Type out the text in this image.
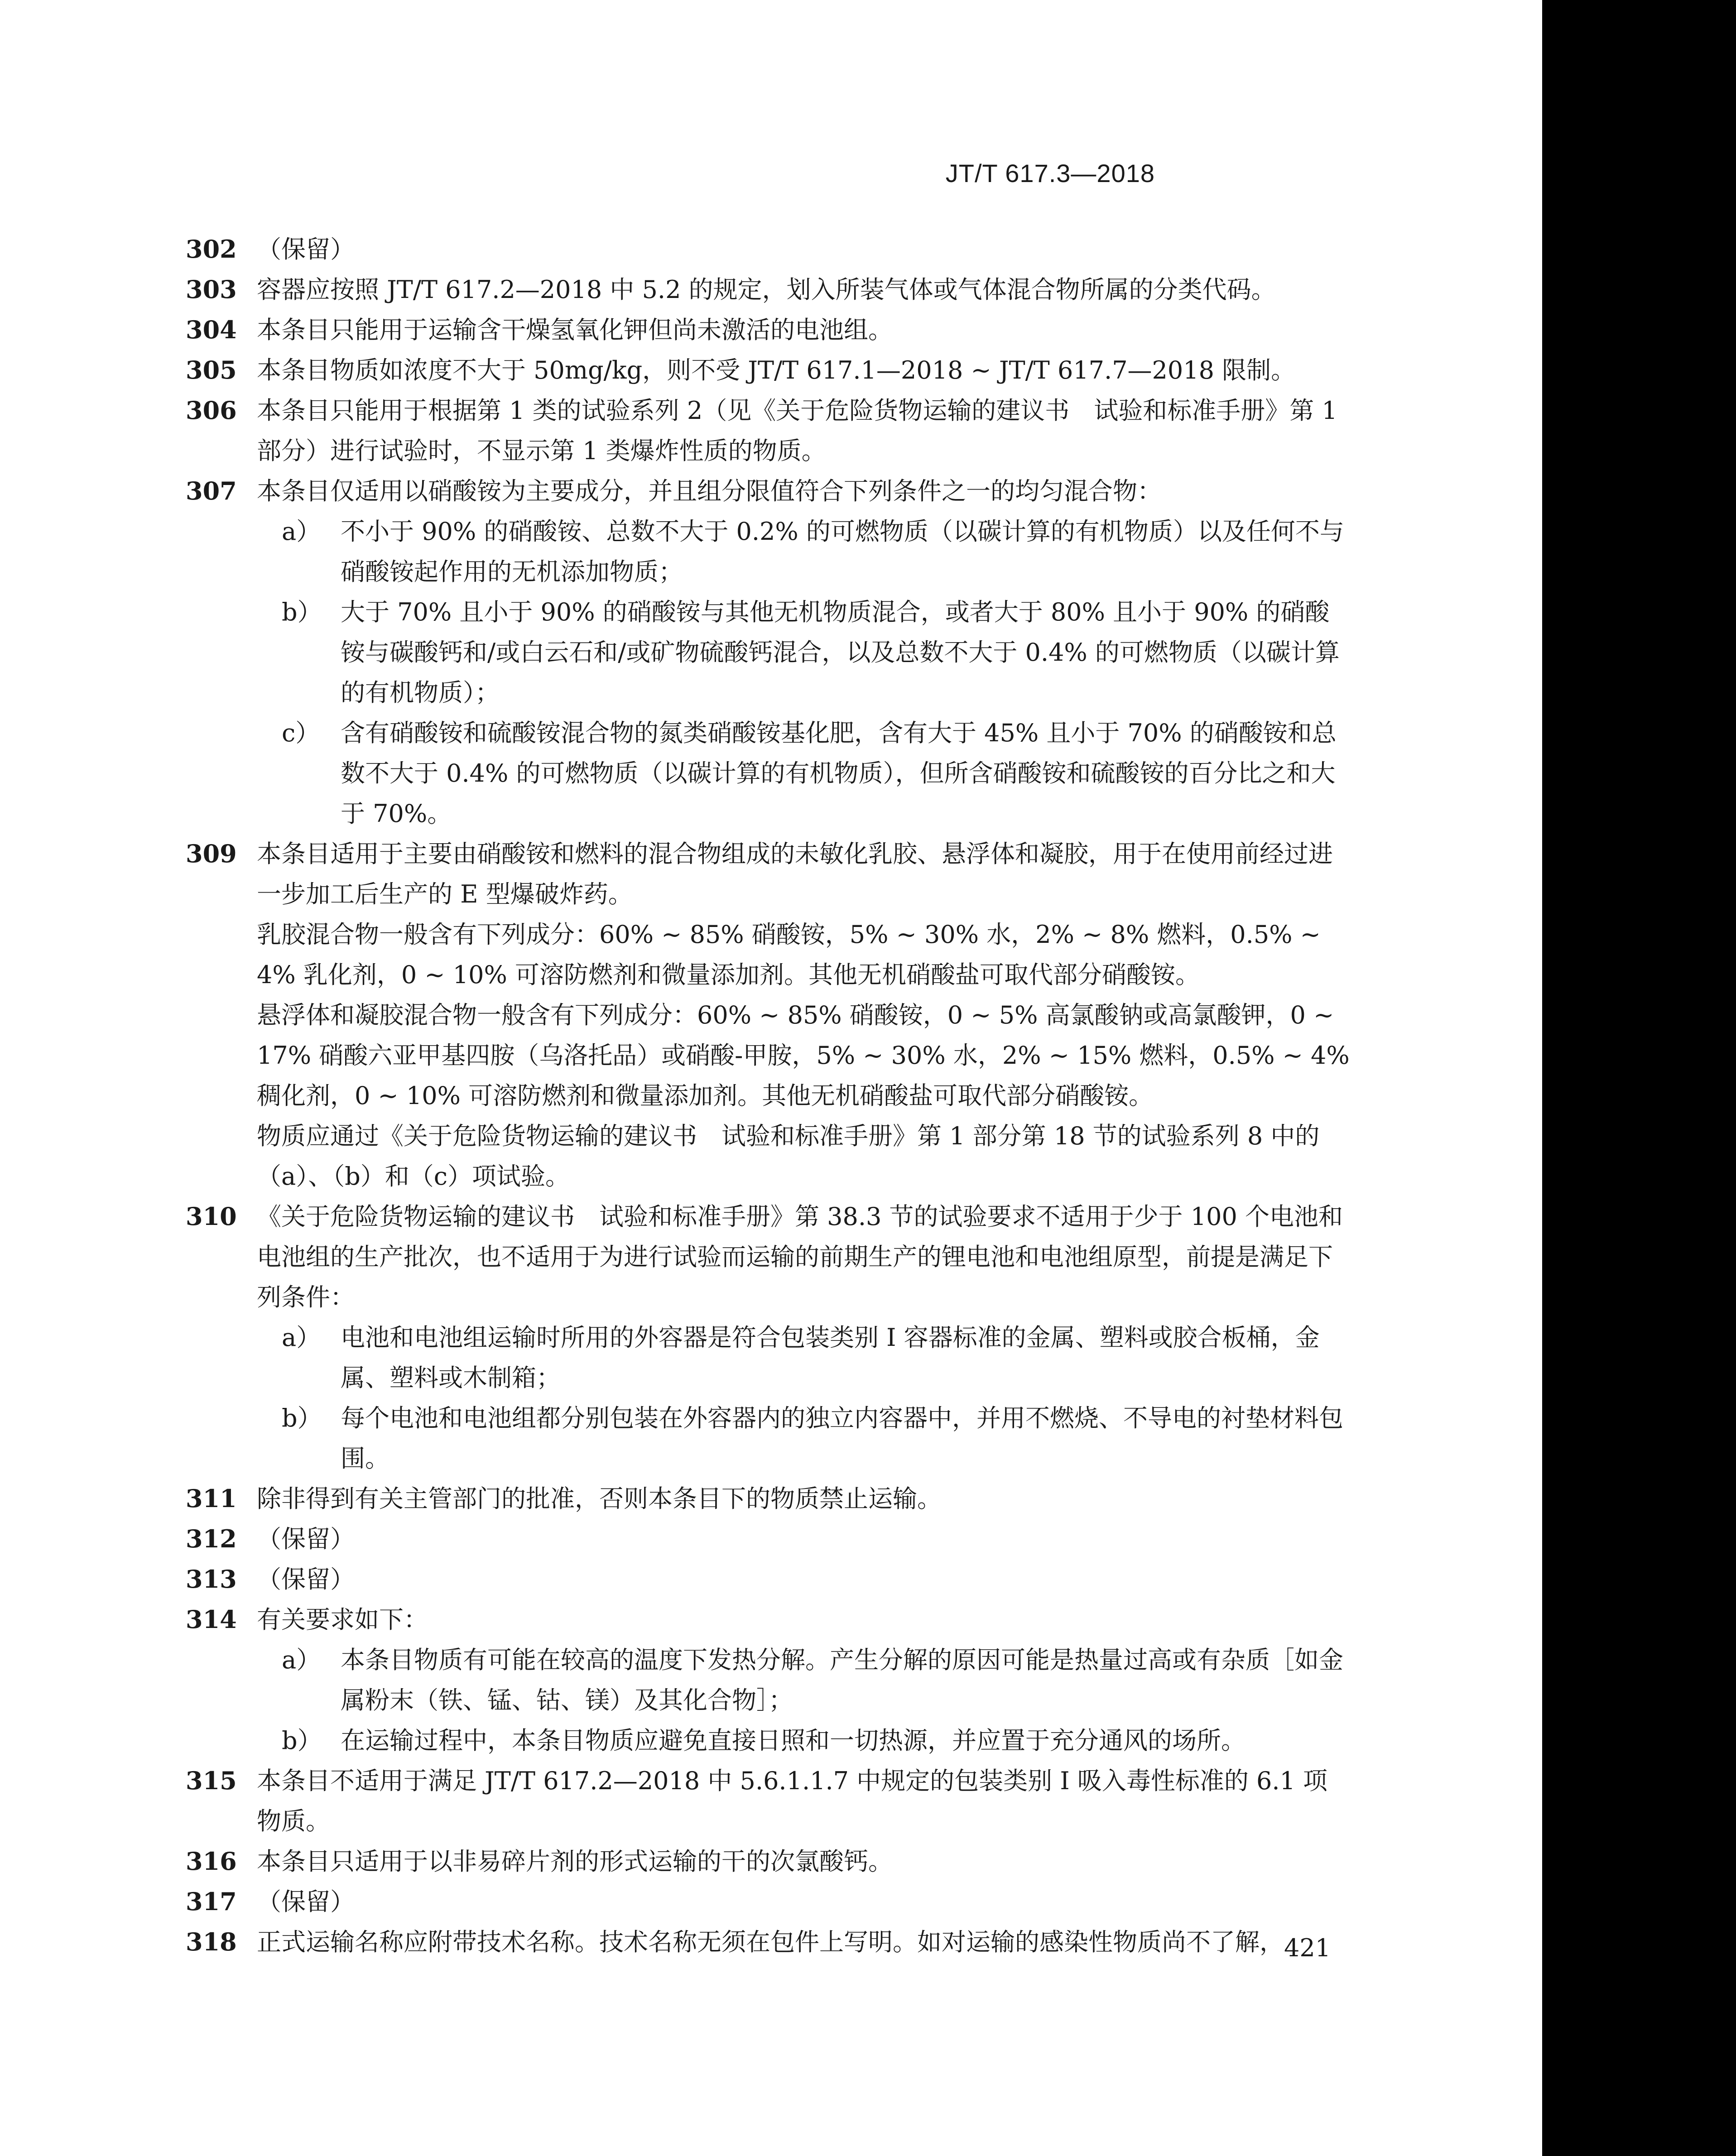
JT/T 617.3—2018
302 （保留）

303 容器应按照 JT/T 617.2—2018 中 5.2 的规定，划入所装气体或气体混合物所属的分类代码。

304 本条目只能用于运输含干燥氢氧化钾但尚未激活的电池组。

305 本条目物质如浓度不大于 50mg/kg，则不受 JT/T 617.1—2018 ~ JT/T 617.7—2018 限制。

306 本条目只能用于根据第 1 类的试验系列 2（见《关于危险货物运输的建议书　试验和标准手册》第 1 部分）进行试验时，不显示第 1 类爆炸性质的物质。

307 本条目仅适用以硝酸铵为主要成分，并且组分限值符合下列条件之一的均匀混合物：

a） 不小于 90% 的硝酸铵、总数不大于 0.2% 的可燃物质（以碳计算的有机物质）以及任何不与硝酸铵起作用的无机添加物质；
b） 大于 70% 且小于 90% 的硝酸铵与其他无机物质混合，或者大于 80% 且小于 90% 的硝酸铵与碳酸钙和/或白云石和/或矿物硫酸钙混合，以及总数不大于 0.4% 的可燃物质（以碳计算的有机物质）；
c） 含有硝酸铵和硫酸铵混合物的氮类硝酸铵基化肥，含有大于 45% 且小于 70% 的硝酸铵和总数不大于 0.4% 的可燃物质（以碳计算的有机物质），但所含硝酸铵和硫酸铵的百分比之和大于 70%。
309 本条目适用于主要由硝酸铵和燃料的混合物组成的未敏化乳胶、悬浮体和凝胶，用于在使用前经过进一步加工后生产的 E 型爆破炸药。

乳胶混合物一般含有下列成分：60% ~ 85% 硝酸铵，5% ~ 30% 水，2% ~ 8% 燃料，0.5% ~ 4% 乳化剂，0 ~ 10% 可溶防燃剂和微量添加剂。其他无机硝酸盐可取代部分硝酸铵。

悬浮体和凝胶混合物一般含有下列成分：60% ~ 85% 硝酸铵，0 ~ 5% 高氯酸钠或高氯酸钾，0 ~ 17% 硝酸六亚甲基四胺（乌洛托品）或硝酸-甲胺，5% ~ 30% 水，2% ~ 15% 燃料，0.5% ~ 4% 稠化剂，0 ~ 10% 可溶防燃剂和微量添加剂。其他无机硝酸盐可取代部分硝酸铵。

物质应通过《关于危险货物运输的建议书　试验和标准手册》第 1 部分第 18 节的试验系列 8 中的（a）、（b）和（c）项试验。

310 《关于危险货物运输的建议书　试验和标准手册》第 38.3 节的试验要求不适用于少于 100 个电池和电池组的生产批次，也不适用于为进行试验而运输的前期生产的锂电池和电池组原型，前提是满足下列条件：

a） 电池和电池组运输时所用的外容器是符合包装类别 I 容器标准的金属、塑料或胶合板桶，金属、塑料或木制箱；
b） 每个电池和电池组都分别包装在外容器内的独立内容器中，并用不燃烧、不导电的衬垫材料包围。
311 除非得到有关主管部门的批准，否则本条目下的物质禁止运输。

312 （保留）

313 （保留）

314 有关要求如下：

a） 本条目物质有可能在较高的温度下发热分解。产生分解的原因可能是热量过高或有杂质［如金属粉末（铁、锰、钴、镁）及其化合物］；
b） 在运输过程中，本条目物质应避免直接日照和一切热源，并应置于充分通风的场所。
315 本条目不适用于满足 JT/T 617.2—2018 中 5.6.1.1.7 中规定的包装类别 Ⅰ 吸入毒性标准的 6.1 项物质。

316 本条目只适用于以非易碎片剂的形式运输的干的次氯酸钙。

317 （保留）

318 正式运输名称应附带技术名称。技术名称无须在包件上写明。如对运输的感染性物质尚不了解， 421
